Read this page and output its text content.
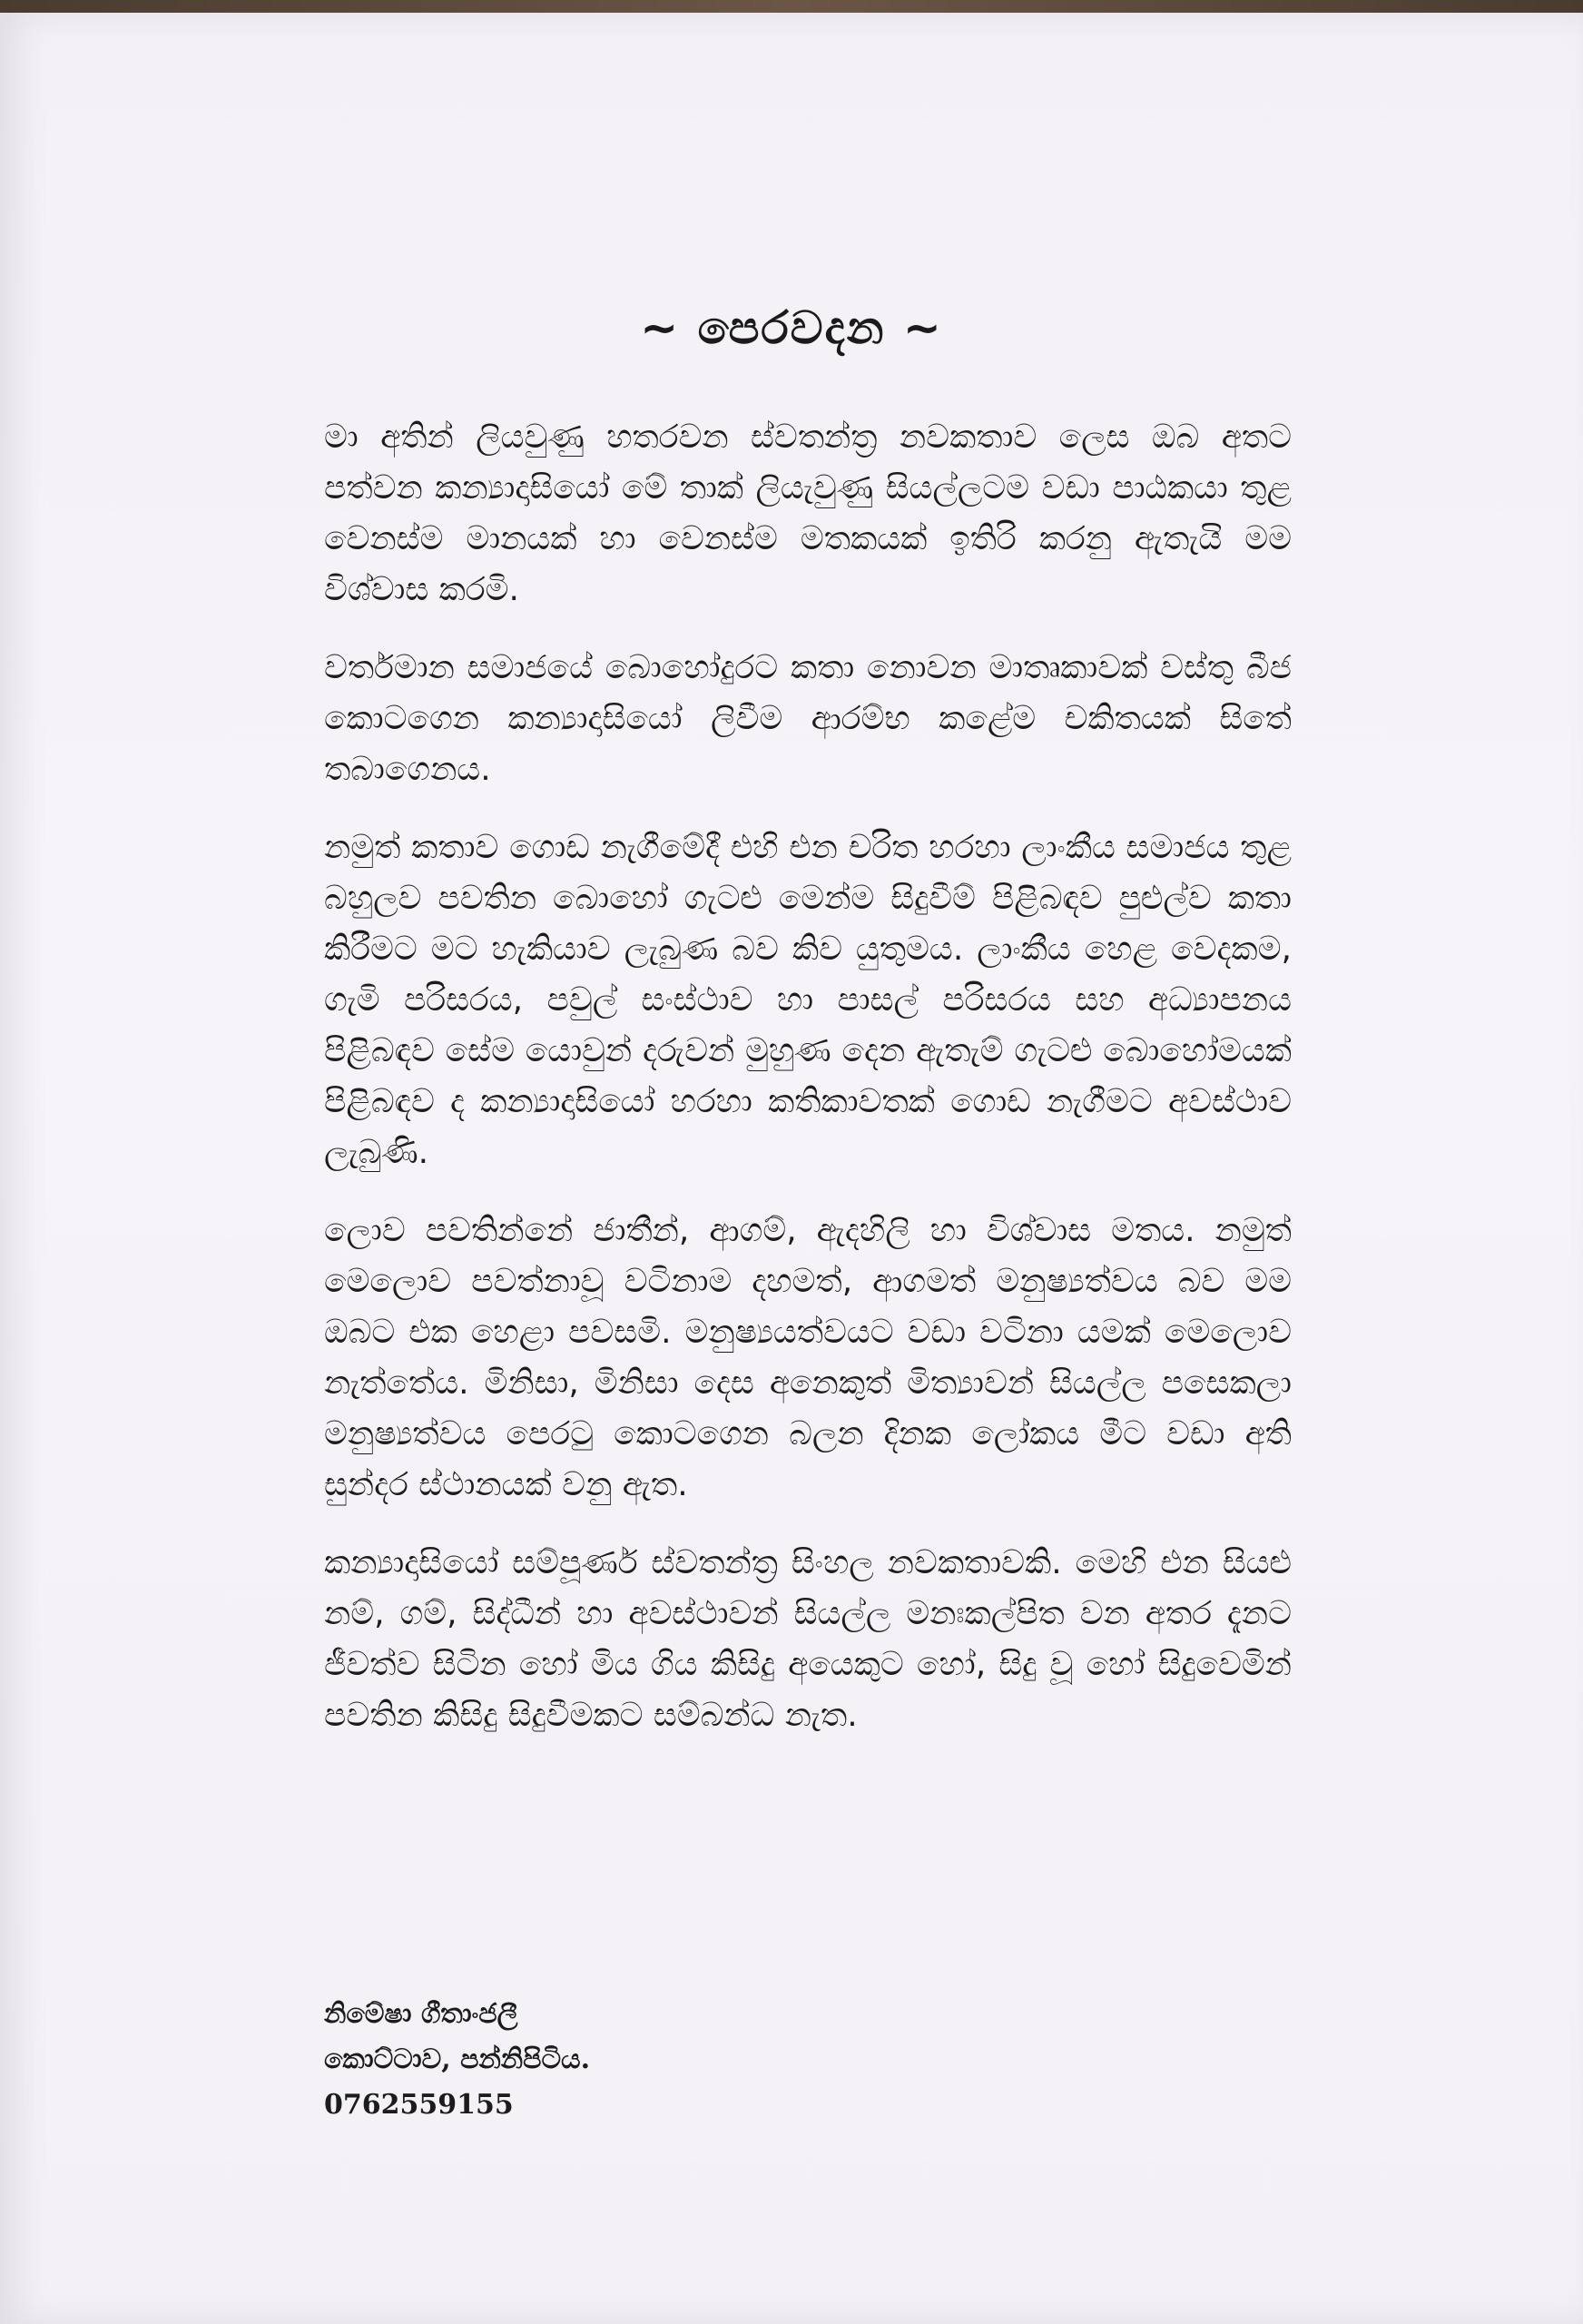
~ පෙරවදන ~

මා අතින් ලියවුණු හතරවන ස්වතන්ත්‍ර නවකතාව ලෙස ඔබ අතට පත්වන කන්‍යාදාසියෝ මේ තාක් ලියැවුණු සියල්ලටම වඩා පාඨකයා තුළ වෙනස්ම මානයක් හා වෙනස්ම මතකයක් ඉතිරි කරනු ඇතැයි මම විශ්වාස කරමි.

වර්තමාන සමාජයේ බොහෝදුරට කතා නොවන මාතෘකාවක් වස්තු බීජ කොටගෙන කන්‍යාදාසියෝ ලිවීම ආරම්භ කළේම චකිතයක් සිතේ තබාගෙනය.

නමුත් කතාව ගොඩ නැගීමේදී එහි එන චරිත හරහා ලාංකීය සමාජය තුළ බහුලව පවතින බොහෝ ගැටළු මෙන්ම සිදුවීම් පිළිබඳව පුළුල්ව කතා කිරීමට මට හැකියාව ලැබුණ බව කිව යුතුමය. ලාංකීය හෙළ වෙදකම, ගැමි පරිසරය, පවුල් සංස්ථාව හා පාසල් පරිසරය සහ අධ්‍යාපනය පිළිබඳව සේම යොවුන් දරුවන් මුහුණ දෙන ඇතැම් ගැටළු බොහෝමයක් පිළිබඳව ද කන්‍යාදාසියෝ හරහා කතිකාවතක් ගොඩ නැගීමට අවස්ථාව ලැබුණි.

ලොව පවතින්නේ ජාතීන්, ආගම්, ඇදහිලි හා විශ්වාස මතය. නමුත් මෙලොව පවත්නාවූ වටිනාම දහමත්, ආගමත් මනුෂ්‍යත්වය බව මම ඔබට එක හෙළා පවසමි. මනුෂ්‍යයත්වයට වඩා වටිනා යමක් මෙලොව නැත්තේය. මිනිසා, මිනිසා දෙස අනෙකුත් මිත්‍යාවන් සියල්ල පසෙකලා මනුෂ්‍යත්වය පෙරටු කොටගෙන බලන දිනක ලෝකය මීට වඩා අති සුන්දර ස්ථානයක් වනු ඇත.

කන්‍යාදාසියෝ සම්පූර්ණ ස්වතන්ත්‍ර සිංහල නවකතාවකි. මෙහි එන සියළු නම්, ගම්, සිද්ධීන් හා අවස්ථාවන් සියල්ල මනඃකල්පිත වන අතර දැනට ජීවත්ව සිටින හෝ මිය ගිය කිසිදු අයෙකුට හෝ, සිදු වූ හෝ සිදුවෙමින් පවතින කිසිදු සිදුවීමකට සම්බන්ධ නැත.

නිමේෂා ගීතාංජලී
කොට්ටාව, පන්නිපිටිය.
0762559155
